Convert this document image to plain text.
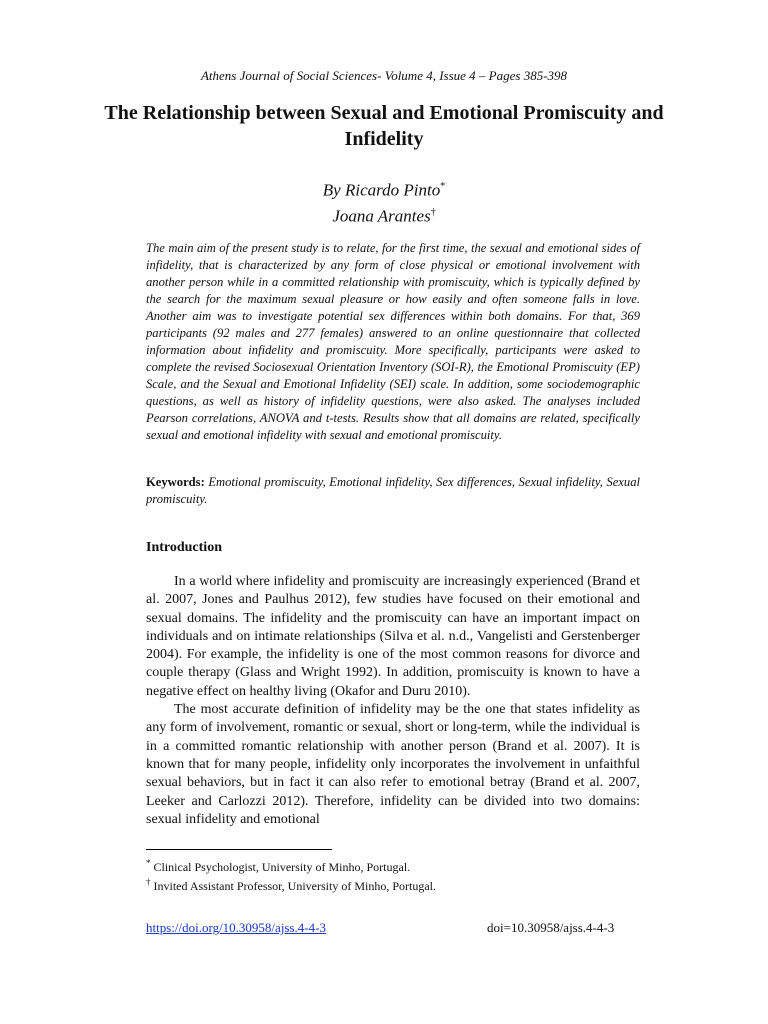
Athens Journal of Social Sciences- Volume 4, Issue 4 – Pages 385-398
The Relationship between Sexual and Emotional Promiscuity and Infidelity
By Ricardo Pinto*
Joana Arantes†
The main aim of the present study is to relate, for the first time, the sexual and emotional sides of infidelity, that is characterized by any form of close physical or emotional involvement with another person while in a committed relationship with promiscuity, which is typically defined by the search for the maximum sexual pleasure or how easily and often someone falls in love. Another aim was to investigate potential sex differences within both domains. For that, 369 participants (92 males and 277 females) answered to an online questionnaire that collected information about infidelity and promiscuity. More specifically, participants were asked to complete the revised Sociosexual Orientation Inventory (SOI-R), the Emotional Promiscuity (EP) Scale, and the Sexual and Emotional Infidelity (SEI) scale. In addition, some sociodemographic questions, as well as history of infidelity questions, were also asked. The analyses included Pearson correlations, ANOVA and t-tests. Results show that all domains are related, specifically sexual and emotional infidelity with sexual and emotional promiscuity.
Keywords: Emotional promiscuity, Emotional infidelity, Sex differences, Sexual infidelity, Sexual promiscuity.
Introduction

In a world where infidelity and promiscuity are increasingly experienced (Brand et al. 2007, Jones and Paulhus 2012), few studies have focused on their emotional and sexual domains. The infidelity and the promiscuity can have an important impact on individuals and on intimate relationships (Silva et al. n.d., Vangelisti and Gerstenberger 2004). For example, the infidelity is one of the most common reasons for divorce and couple therapy (Glass and Wright 1992). In addition, promiscuity is known to have a negative effect on healthy living (Okafor and Duru 2010).

The most accurate definition of infidelity may be the one that states infidelity as any form of involvement, romantic or sexual, short or long-term, while the individual is in a committed romantic relationship with another person (Brand et al. 2007). It is known that for many people, infidelity only incorporates the involvement in unfaithful sexual behaviors, but in fact it can also refer to emotional betray (Brand et al. 2007, Leeker and Carlozzi 2012). Therefore, infidelity can be divided into two domains: sexual infidelity and emotional

* Clinical Psychologist, University of Minho, Portugal.
† Invited Assistant Professor, University of Minho, Portugal.
https://doi.org/10.30958/ajss.4-4-3	doi=10.30958/ajss.4-4-3
